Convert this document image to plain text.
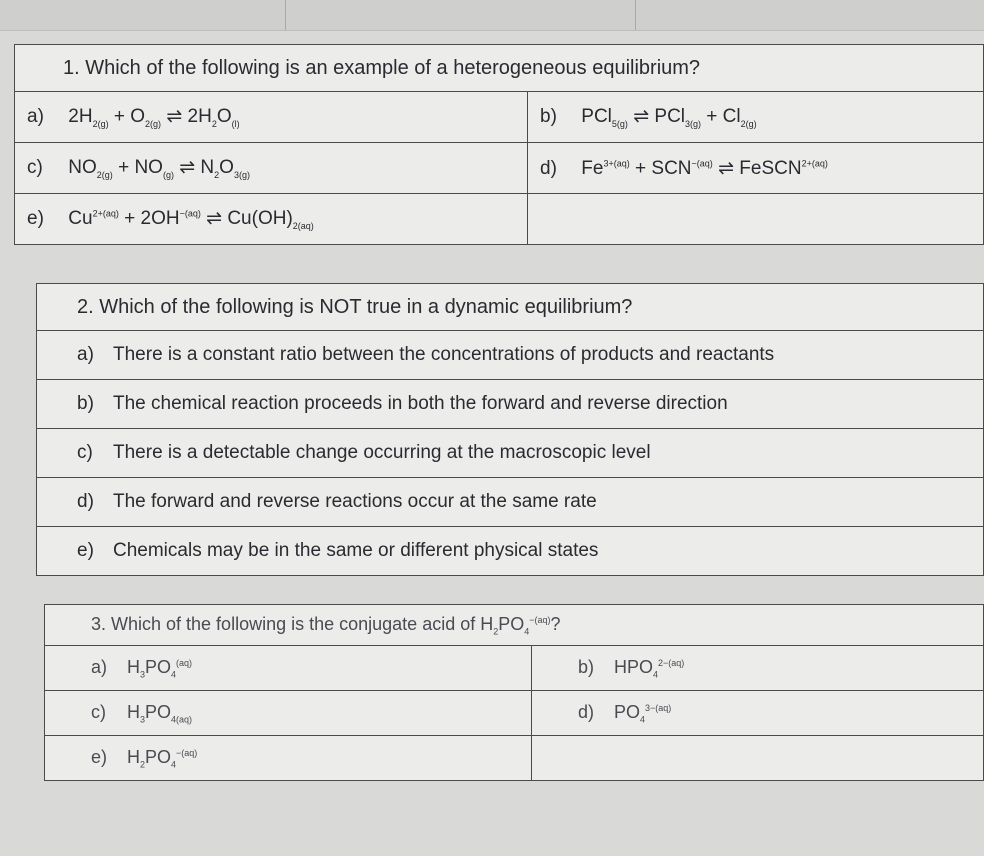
1. Which of the following is an example of a heterogeneous equilibrium?	
a) $2H_{2(g)} + O_{2(g)}$ ⇌ $2H_2O_{(l)}$	b) PCl$_{5(g)}$ ⇌ $PCl_{3(g)} + Cl_{2(g)}$
c) $NO_{2(g)} + NO_{(g)}$ ⇌ $N_2O_{3(g)}$	d) $Fe^{3+(aq)} + SCN^{-(aq)}$ ⇌ FeSCN$^{2+(aq)}$
e) $Cu^{2+(aq)} + 2OH^{-(aq)}$ ⇌ $Cu(OH)_{2(aq)}$	
2. Which of the following is NOT true in a dynamic equilibrium?
a) There is a constant ratio between the concentrations of products and reactants
b) The chemical reaction proceeds in both the forward and reverse direction
c) There is a detectable change occurring at the macroscopic level
d) The forward and reverse reactions occur at the same rate
e) Chemicals may be in the same or different physical states
3. Which of the following is the conjugate acid of $H_2PO_4^{-(aq)}$?	
a) $H_3PO_4^{(aq)}$	b) $HPO_4^{2-(aq)}$
c) $H_3PO_{4(aq)}$	d) $PO_4^{3-(aq)}$
e) $H_2PO_4^{-(aq)}$	
